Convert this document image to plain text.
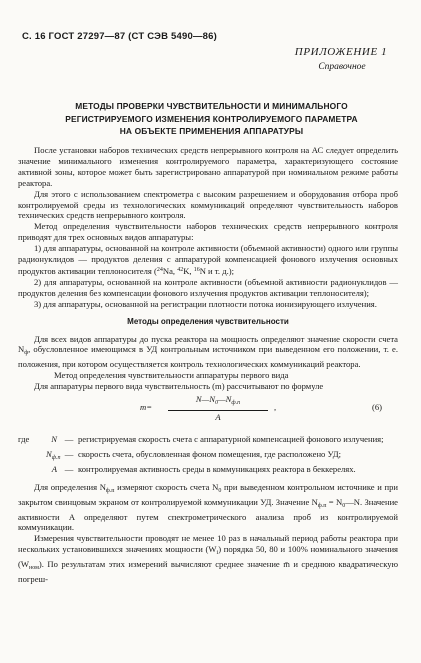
С. 16 ГОСТ 27297—87 (СТ СЭВ 5490—86)
ПРИЛОЖЕНИЕ 1
Справочное
МЕТОДЫ ПРОВЕРКИ ЧУВСТВИТЕЛЬНОСТИ И МИНИМАЛЬНОГО
РЕГИСТРИРУЕМОГО ИЗМЕНЕНИЯ КОНТРОЛИРУЕМОГО ПАРАМЕТРА
НА ОБЪЕКТЕ ПРИМЕНЕНИЯ АППАРАТУРЫ

После установки наборов технических средств непрерывного контроля на АС следует определить значение минимального изменения контролируемого параметра, характеризующего состояние активной зоны, которое может быть зарегистрировано аппаратурой при номинальном режиме работы реактора.

Для этого с использованием спектрометра с высоким разрешением и оборудования отбора проб контролируемой среды из технологических коммуникаций определяют чувствительность наборов технических средств непрерывного контроля.

Метод определения чувствительности наборов технических средств непрерывного контроля приводят для трех основных видов аппаратуры:

1) для аппаратуры, основанной на контроле активности (объемной активности) одного или группы радионуклидов — продуктов деления с аппаратурой компенсацией фонового излучения основных продуктов активации теплоносителя ($^{24}$Na, $^{42}$K, $^{16}$N и т. д.);

2) для аппаратуры, основанной на контроле активности (объемной активности радионуклидов — продуктов деления без компенсации фонового излучения продуктов активации теплоносителя);

3) для аппаратуры, основанной на регистрации плотности потока ионизирующего излучения.

Методы определения чувствительности

Для всех видов аппаратуры до пуска реактора на мощность определяют значение скорости счета $N_ф$, обусловленное имеющимся в УД контрольным источником при выведенном его положении, т. е. положения, при котором осуществляется контроль технологических коммуникаций реактора.

Метод определения чувствительности аппаратуры первого вида

Для аппаратуры первого вида чувствительность (m) рассчитывают по формуле

m=
$N—N_0—N_{ф.п}$
A
,	(6)
где	N — регистрируемая скорость счета с аппаратурной компенсацией фонового излучения;
$N_{ф.п}$ — скорость счета, обусловленная фоном помещения, где расположено УД;
A — контролируемая активность среды в коммуникациях реактора в беккерелях.

Для определения $N_{ф.п}$ измеряют скорость счета $N_0$ при выведенном контрольном источнике и при закрытом свинцовым экраном от контролируемой коммуникации УД. Значение $N_{ф.п}$ = $N_0—N$. Значение активности A определяют путем спектрометрического анализа проб из контролируемой коммуникации.

Измерения чувствительности проводят не менее 10 раз в начальный период работы реактора при нескольких установившихся значениях мощности $(W_i)$ порядка 50, 80 и 100% номинального значения $(W_{ном})$. По результатам этих измерений вычисляют среднее значение m̄ и среднюю квадратическую погреш-
